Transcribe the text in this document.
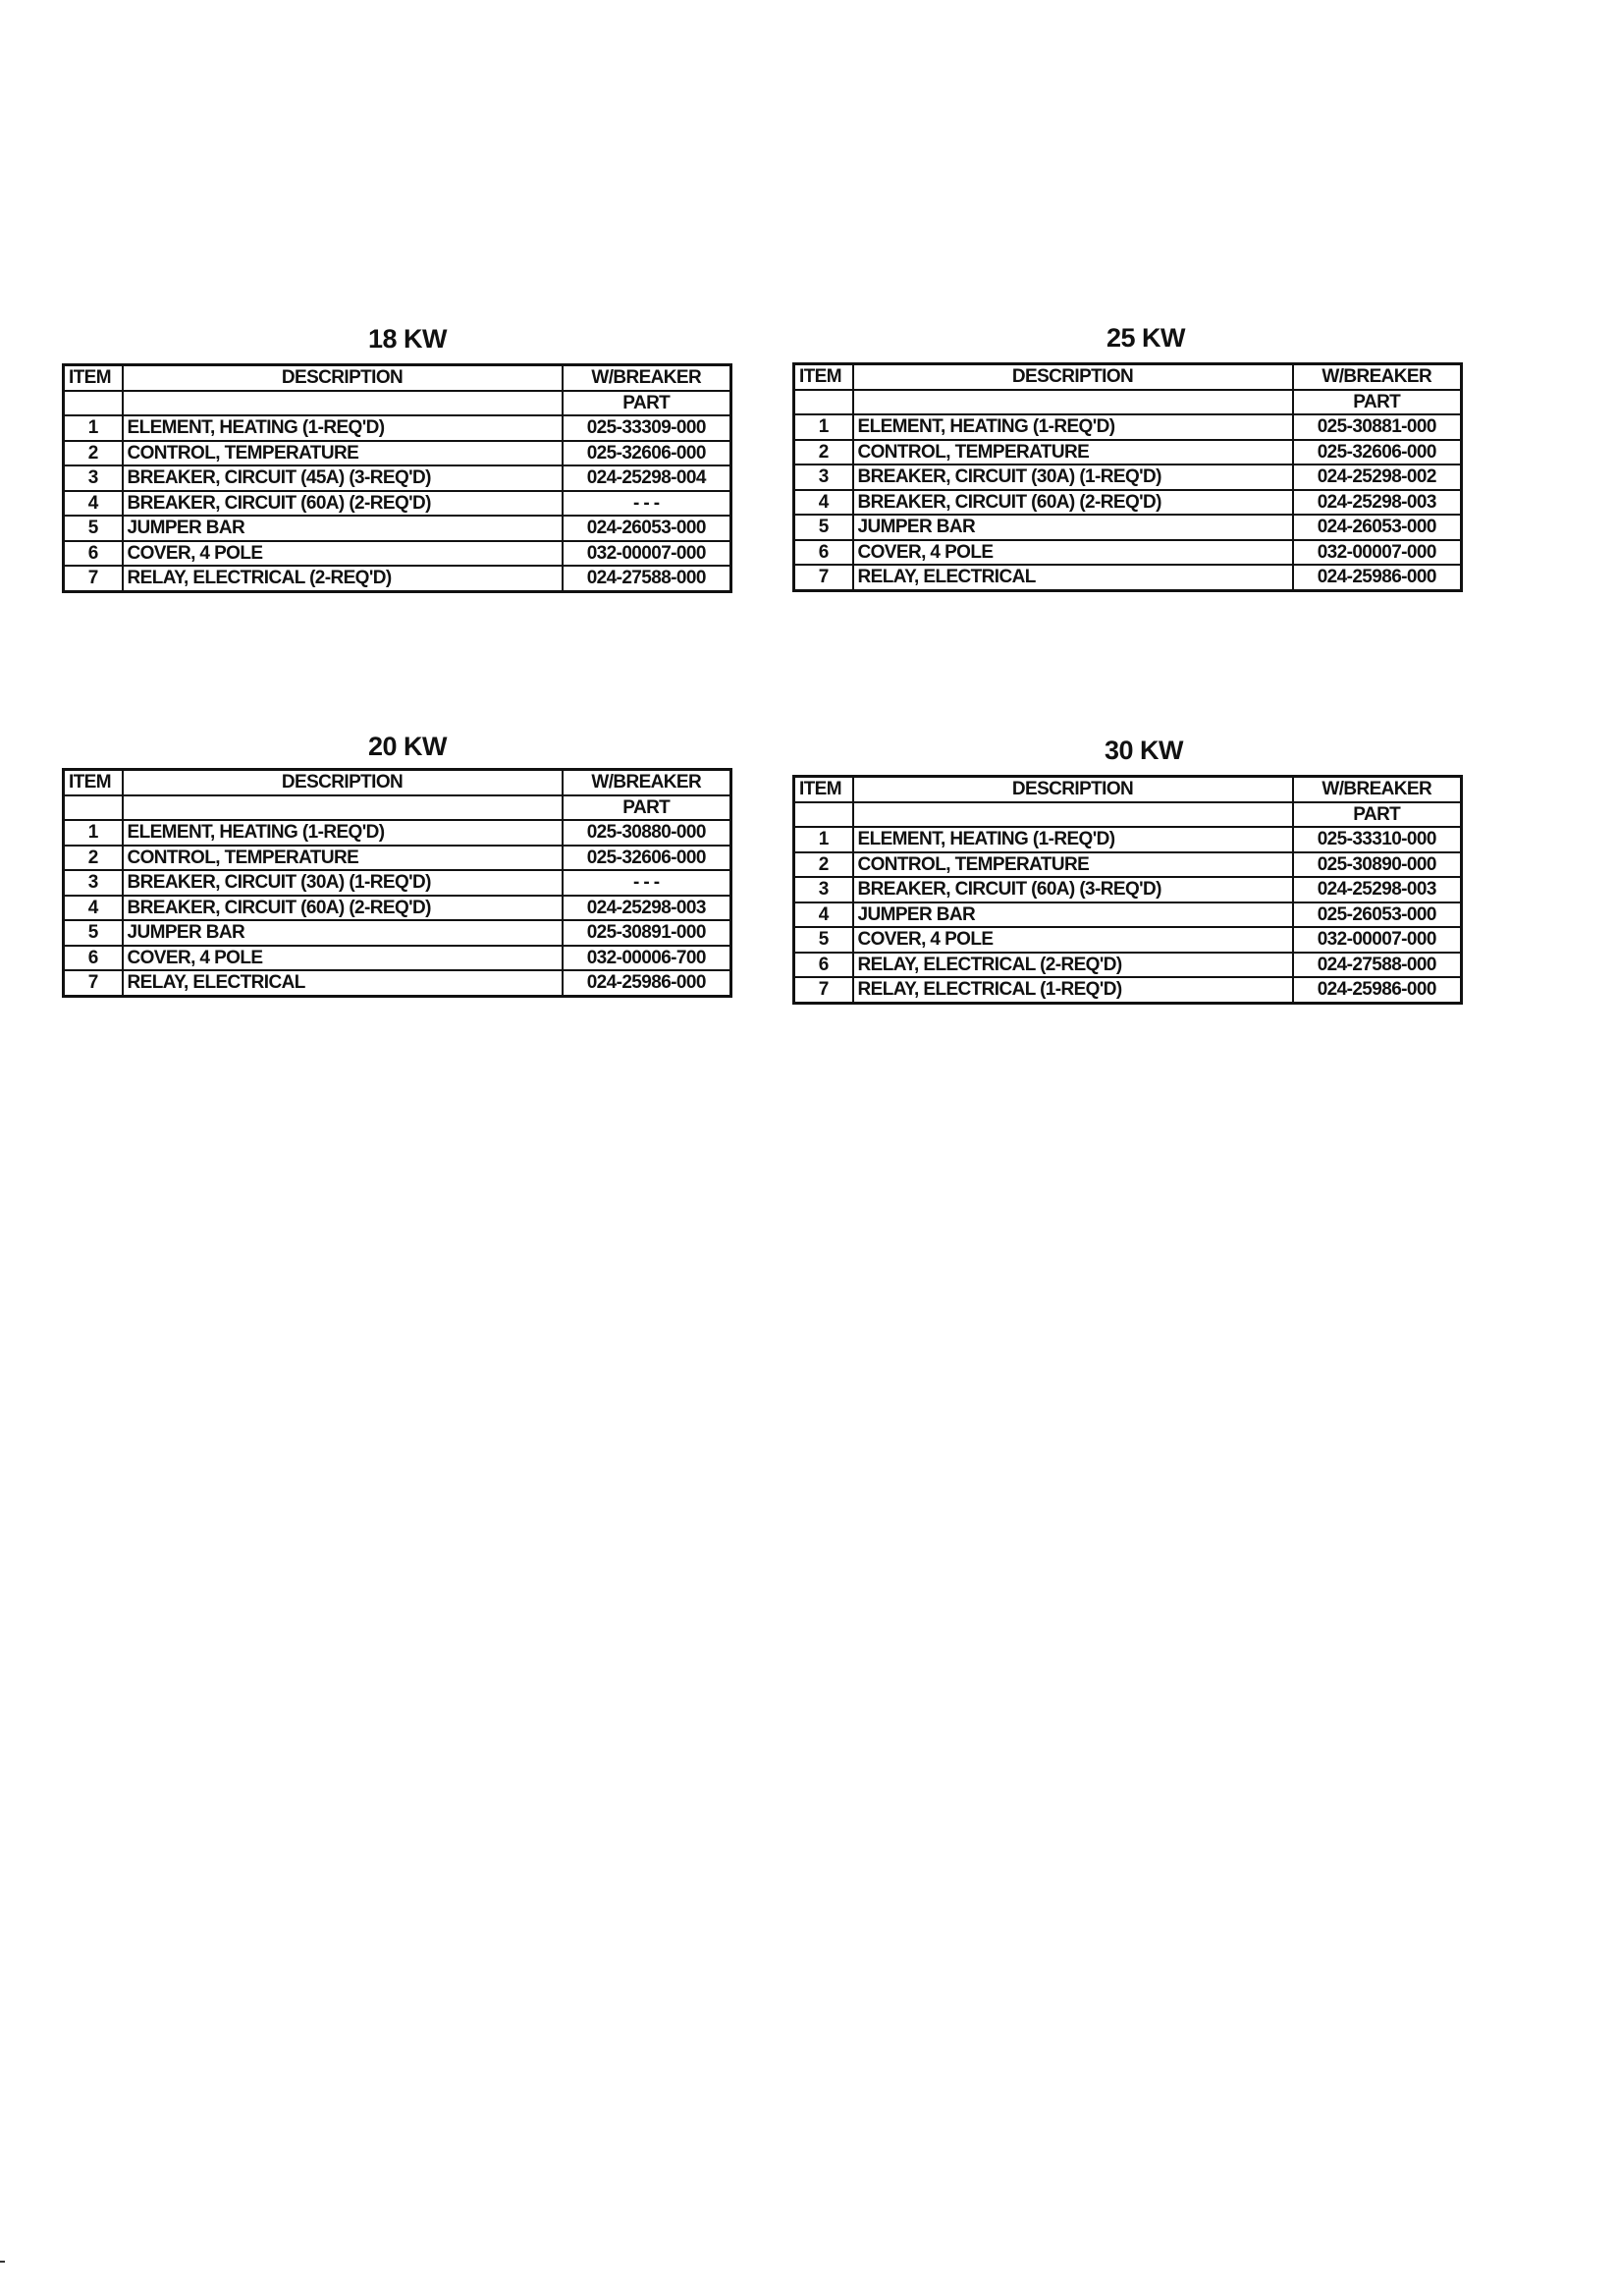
18 KW
ITEM	DESCRIPTION	W/BREAKER
		PART
1	ELEMENT, HEATING (1-REQ'D)	025-33309-000
2	CONTROL, TEMPERATURE	025-32606-000
3	BREAKER, CIRCUIT (45A) (3-REQ'D)	024-25298-004
4	BREAKER, CIRCUIT (60A) (2-REQ'D)	- - -
5	JUMPER BAR	024-26053-000
6	COVER, 4 POLE	032-00007-000
7	RELAY, ELECTRICAL (2-REQ'D)	024-27588-000
25 KW
ITEM	DESCRIPTION	W/BREAKER
		PART
1	ELEMENT, HEATING (1-REQ'D)	025-30881-000
2	CONTROL, TEMPERATURE	025-32606-000
3	BREAKER, CIRCUIT (30A) (1-REQ'D)	024-25298-002
4	BREAKER, CIRCUIT (60A) (2-REQ'D)	024-25298-003
5	JUMPER BAR	024-26053-000
6	COVER, 4 POLE	032-00007-000
7	RELAY, ELECTRICAL	024-25986-000
20 KW
ITEM	DESCRIPTION	W/BREAKER
		PART
1	ELEMENT, HEATING (1-REQ'D)	025-30880-000
2	CONTROL, TEMPERATURE	025-32606-000
3	BREAKER, CIRCUIT (30A) (1-REQ'D)	- - -
4	BREAKER, CIRCUIT (60A) (2-REQ'D)	024-25298-003
5	JUMPER BAR	025-30891-000
6	COVER, 4 POLE	032-00006-700
7	RELAY, ELECTRICAL	024-25986-000
30 KW
ITEM	DESCRIPTION	W/BREAKER
		PART
1	ELEMENT, HEATING (1-REQ'D)	025-33310-000
2	CONTROL, TEMPERATURE	025-30890-000
3	BREAKER, CIRCUIT (60A) (3-REQ'D)	024-25298-003
4	JUMPER BAR	025-26053-000
5	COVER, 4 POLE	032-00007-000
6	RELAY, ELECTRICAL (2-REQ'D)	024-27588-000
7	RELAY, ELECTRICAL (1-REQ'D)	024-25986-000
